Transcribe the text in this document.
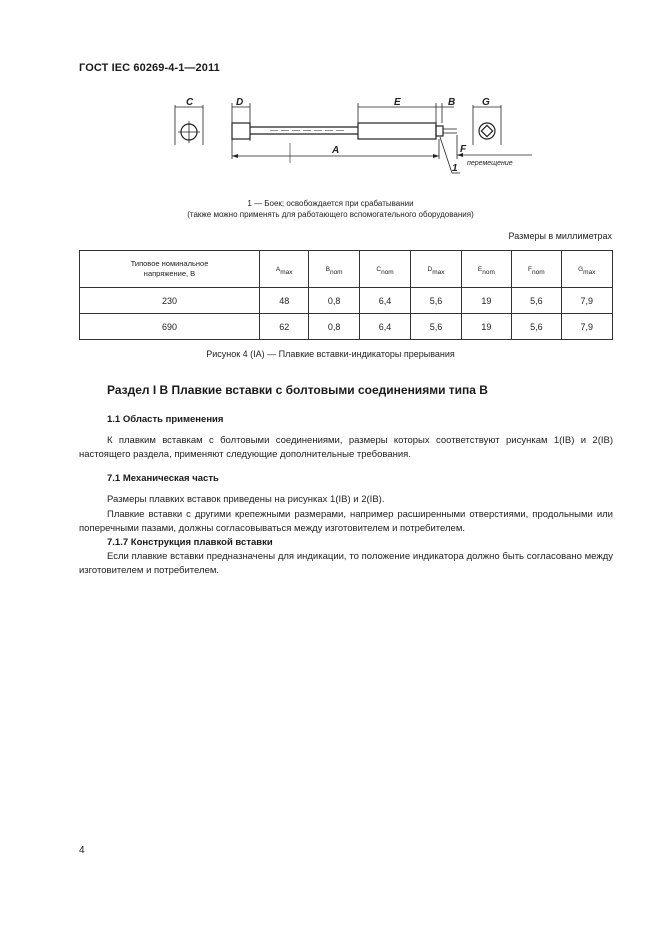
ГОСТ IEC 60269-4-1—2011
C	D	E	B	G
A	F
1 перемещение
1 — Боек; освобождается при срабатывании
(также можно применять для работающего вспомогательного оборудования)
Размеры в миллиметрах
Типовое номинальное
напряжение, В	$A_{max}$	$B_{nom}$	$C_{nom}$	$D_{max}$	$E_{nom}$	$F_{nom}$	$G_{max}$
230	48	0,8	6,4	5,6	19	5,6	7,9
690	62	0,8	6,4	5,6	19	5,6	7,9
Рисунок 4 (IA) — Плавкие вставки-индикаторы прерывания
Раздел I B Плавкие вставки с болтовыми соединениями типа B
1.1 Область применения
К плавким вставкам с болтовыми соединениями, размеры которых соответствуют рисункам 1(IB) и 2(IB) настоящего раздела, применяют следующие дополнительные требования.
7.1 Механическая часть
Размеры плавких вставок приведены на рисунках 1(IB) и 2(IB).
Плавкие вставки с другими крепежными размерами, например расширенными отверстиями, продольными или поперечными пазами, должны согласовываться между изготовителем и потребителем.
7.1.7 Конструкция плавкой вставки
Если плавкие вставки предназначены для индикации, то положение индикатора должно быть согласовано между изготовителем и потребителем.
4
